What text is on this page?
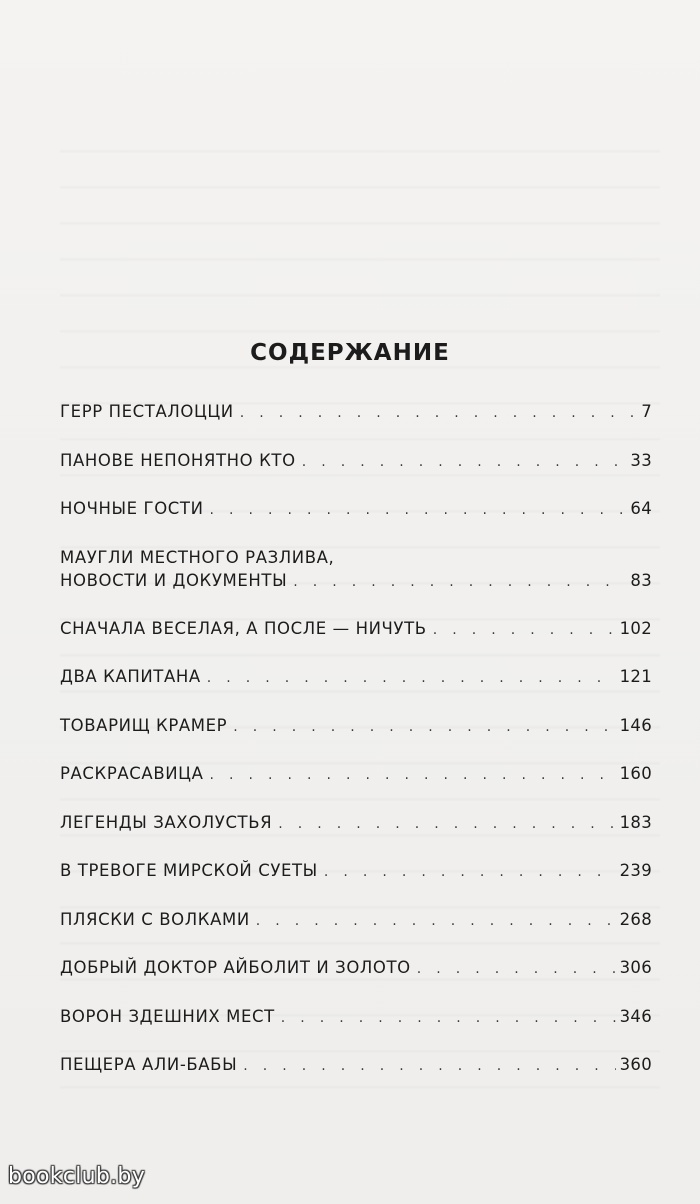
СОДЕРЖАНИЕ
ГЕРР ПЕСТАЛОЦЦИ . . .	7
ПАНОВЕ НЕПОНЯТНО КТО . . .	33
НОЧНЫЕ ГОСТИ . . .	64
МАУГЛИ МЕСТНОГО РАЗЛИВА,
НОВОСТИ И ДОКУМЕНТЫ . . .	83
СНАЧАЛА ВЕСЕЛАЯ, А ПОСЛЕ — НИЧУТЬ . . .	102
ДВА КАПИТАНА . . .	121
ТОВАРИЩ КРАМЕР . . .	146
РАСКРАСАВИЦА . . .	160
ЛЕГЕНДЫ ЗАХОЛУСТЬЯ . . .	183
В ТРЕВОГЕ МИРСКОЙ СУЕТЫ . . .	239
ПЛЯСКИ С ВОЛКАМИ . . .	268
ДОБРЫЙ ДОКТОР АЙБОЛИТ И ЗОЛОТО . . .	306
ВОРОН ЗДЕШНИХ МЕСТ . . .	346
ПЕЩЕРА АЛИ-БАБЫ . . .	360
bookclub.by
